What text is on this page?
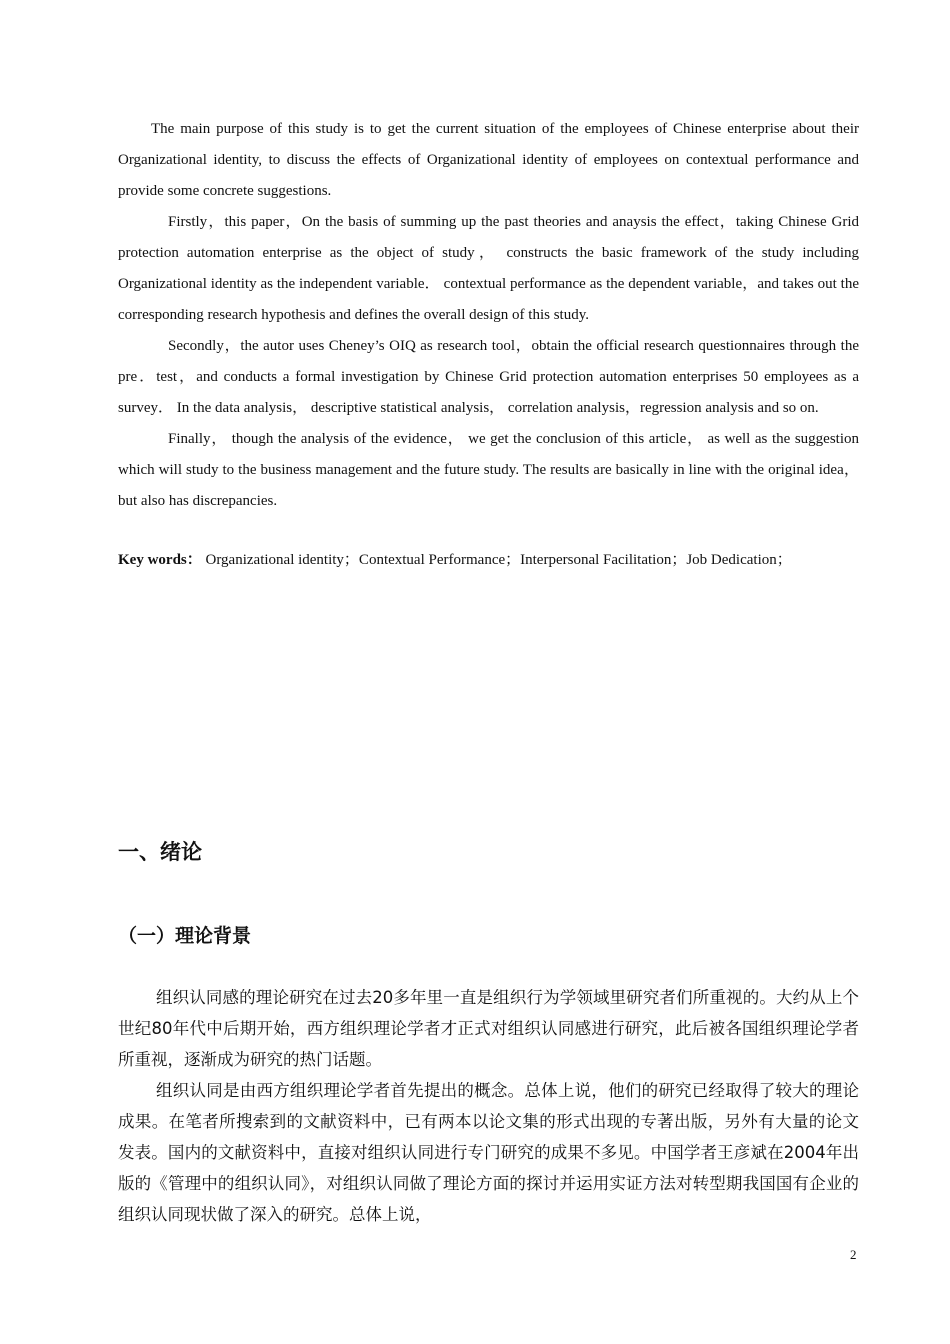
The main purpose of this study is to get the current situation of the employees of Chinese enterprise about their Organizational identity, to discuss the effects of Organizational identity of employees on contextual performance and provide some concrete suggestions.

Firstly，this paper，On the basis of summing up the past theories and anaysis the effect，taking Chinese Grid protection automation enterprise as the object of study， constructs the basic framework of the study including Organizational identity as the independent variable． contextual performance as the dependent variable，and takes out the corresponding research hypothesis and defines the overall design of this study.

Secondly，the autor uses Cheney’s OIQ as research tool，obtain the official research questionnaires through the pre．test，and conducts a formal investigation by Chinese Grid protection automation enterprises 50 employees as a survey． In the data analysis， descriptive statistical analysis， correlation analysis，regression analysis and so on.

Finally， though the analysis of the evidence， we get the conclusion of this article， as well as the suggestion which will study to the business management and the future study. The results are basically in line with the original idea，but also has discrepancies.

Key words： Organizational identity；Contextual Performance；Interpersonal Facilitation；Job Dedication；

一、绪论
（一）理论背景

组织认同感的理论研究在过去20多年里一直是组织行为学领域里研究者们所重视的。大约从上个世纪80年代中后期开始，西方组织理论学者才正式对组织认同感进行研究，此后被各国组织理论学者所重视，逐渐成为研究的热门话题。

组织认同是由西方组织理论学者首先提出的概念。总体上说，他们的研究已经取得了较大的理论成果。在笔者所搜索到的文献资料中，已有两本以论文集的形式出现的专著出版，另外有大量的论文发表。国内的文献资料中，直接对组织认同进行专门研究的成果不多见。中国学者王彦斌在2004年出版的《管理中的组织认同》，对组织认同做了理论方面的探讨并运用实证方法对转型期我国国有企业的组织认同现状做了深入的研究。总体上说，

2
